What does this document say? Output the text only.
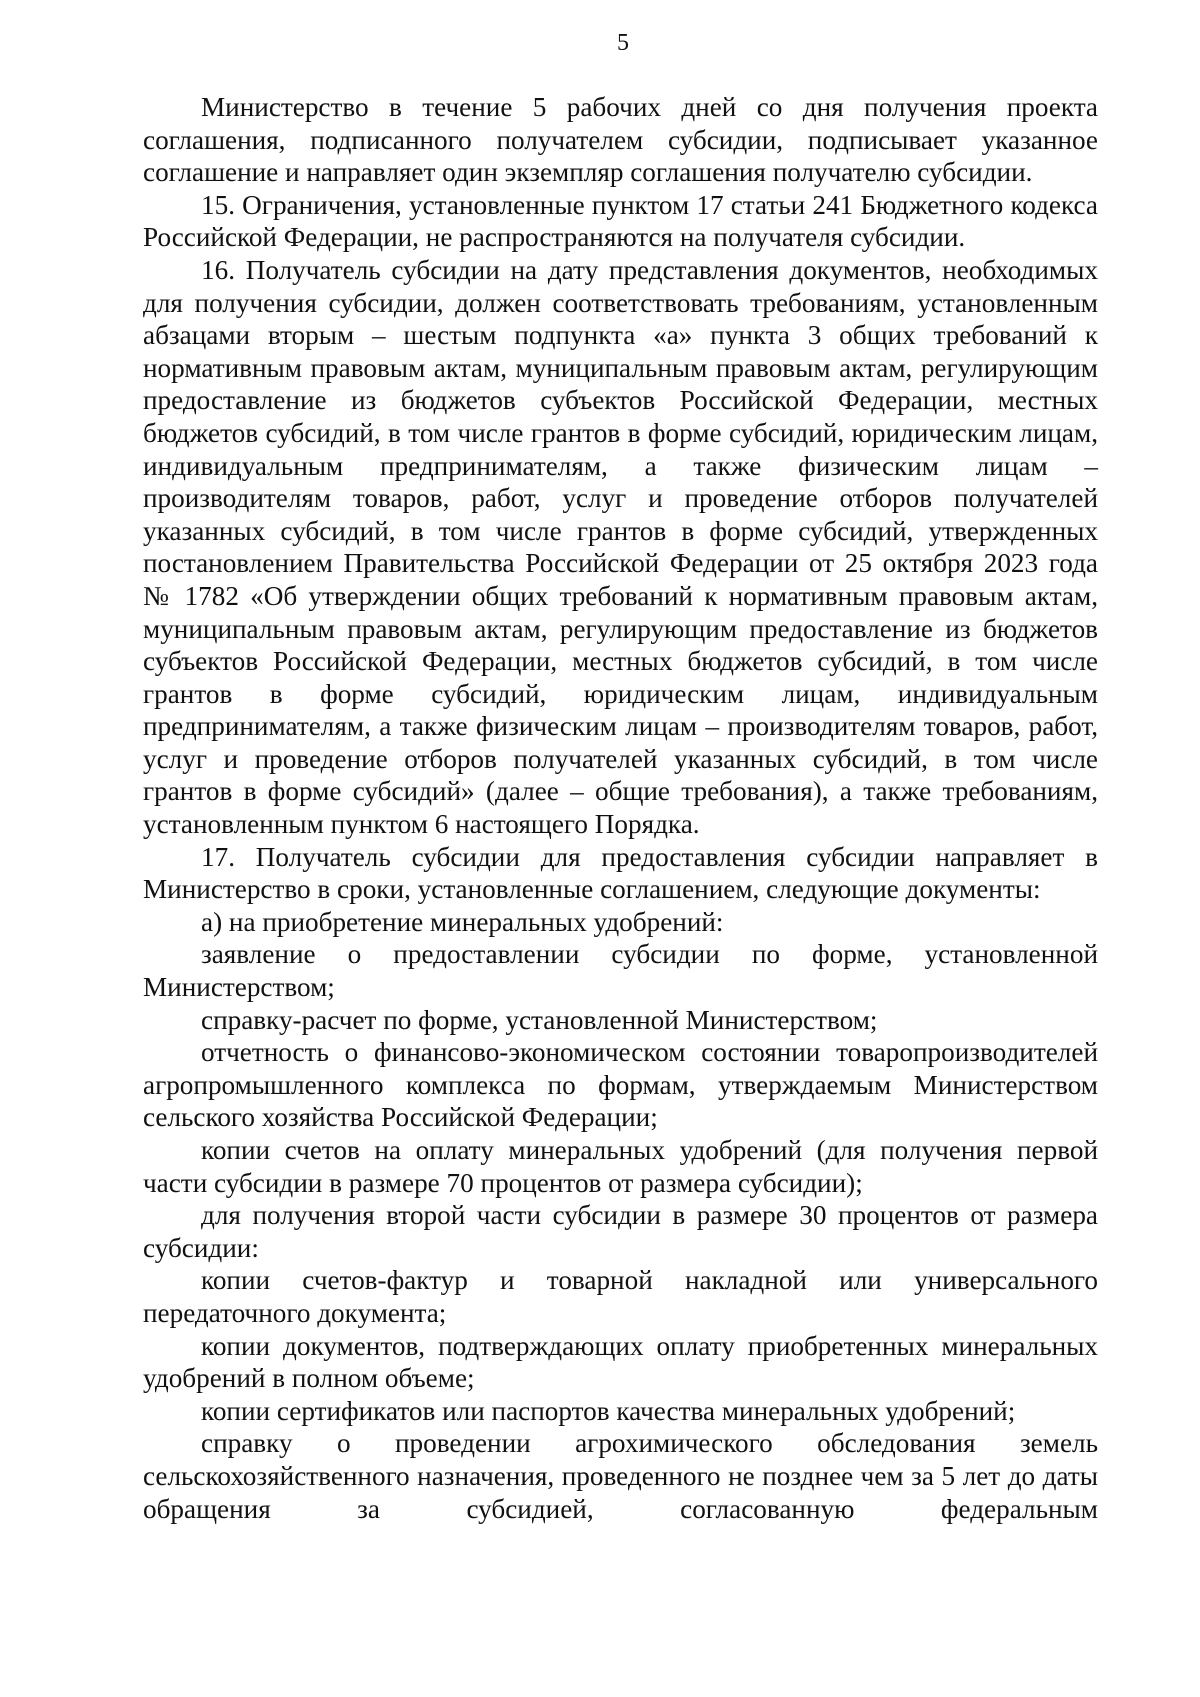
5

Министерство в течение 5 рабочих дней со дня получения проекта соглашения, подписанного получателем субсидии, подписывает указанное соглашение и направляет один экземпляр соглашения получателю субсидии.

15. Ограничения, установленные пунктом 17 статьи 241 Бюджетного кодекса Российской Федерации, не распространяются на получателя субсидии.

16. Получатель субсидии на дату представления документов, необходимых для получения субсидии, должен соответствовать требованиям, установленным абзацами вторым – шестым подпункта «а» пункта 3 общих требований к нормативным правовым актам, муниципальным правовым актам, регулирующим предоставление из бюджетов субъектов Российской Федерации, местных бюджетов субсидий, в том числе грантов в форме субсидий, юридическим лицам, индивидуальным предпринимателям, а также физическим лицам – производителям товаров, работ, услуг и проведение отборов получателей указанных субсидий, в том числе грантов в форме субсидий, утвержденных постановлением Правительства Российской Федерации от 25 октября 2023 года № 1782 «Об утверждении общих требований к нормативным правовым актам, муниципальным правовым актам, регулирующим предоставление из бюджетов субъектов Российской Федерации, местных бюджетов субсидий, в том числе грантов в форме субсидий, юридическим лицам, индивидуальным предпринимателям, а также физическим лицам – производителям товаров, работ, услуг и проведение отборов получателей указанных субсидий, в том числе грантов в форме субсидий» (далее – общие требования), а также требованиям, установленным пунктом 6 настоящего Порядка.

17. Получатель субсидии для предоставления субсидии направляет в Министерство в сроки, установленные соглашением, следующие документы:

а) на приобретение минеральных удобрений:

заявление о предоставлении субсидии по форме, установленной Министерством;

справку-расчет по форме, установленной Министерством;

отчетность о финансово-экономическом состоянии товаропроизводителей агропромышленного комплекса по формам, утверждаемым Министерством сельского хозяйства Российской Федерации;

копии счетов на оплату минеральных удобрений (для получения первой части субсидии в размере 70 процентов от размера субсидии);

для получения второй части субсидии в размере 30 процентов от размера субсидии:

копии счетов-фактур и товарной накладной или универсального передаточного документа;

копии документов, подтверждающих оплату приобретенных минеральных удобрений в полном объеме;

копии сертификатов или паспортов качества минеральных удобрений;

справку о проведении агрохимического обследования земель сельскохозяйственного назначения, проведенного не позднее чем за 5 лет до даты обращения за субсидией, согласованную федеральным
